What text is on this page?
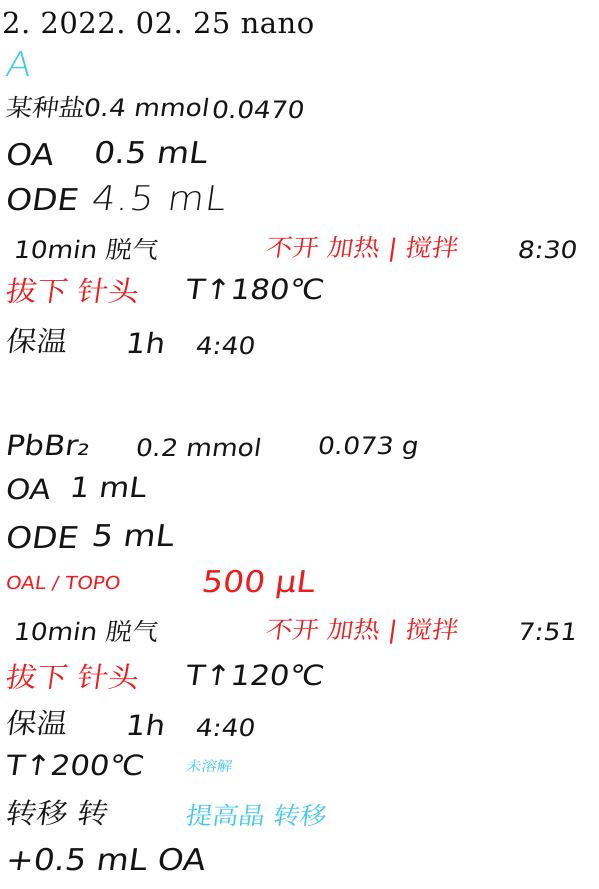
2. 2022. 02. 25 nano
A
某种盐
0.4 mmol
0.0470
OA 0.5 mL
ODE 4.5 mL
10min 脱气	不开 加热 | 搅拌 8:30
拔下 针头 T↑180℃
保温 1h 4:40
PbBr₂ 0.2 mmol 0.073 g
OA 1 mL
ODE 5 mL
OAL / TOPO	500 μL
10min 脱气	不开 加热 | 搅拌 7:51
拔下 针头 T↑120℃
保温 1h 4:40
T↑200℃	未溶解
转移 转	提高晶 转移
+0.5 mL OA
